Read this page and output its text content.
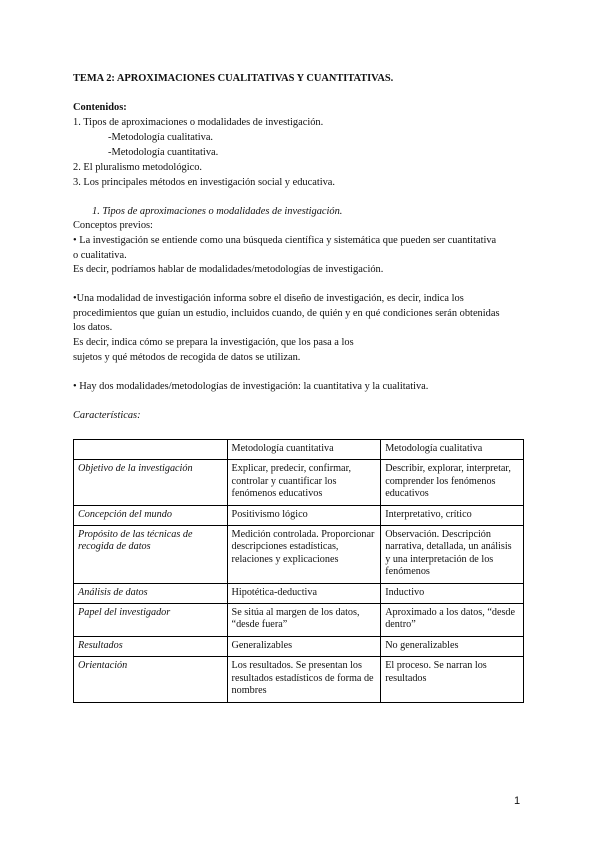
TEMA 2: APROXIMACIONES CUALITATIVAS Y CUANTITATIVAS.
Contenidos:
1. Tipos de aproximaciones o modalidades de investigación.
-Metodología cualitativa.
-Metodología cuantitativa.
2. El pluralismo metodológico.
3. Los principales métodos en investigación social y educativa.
1. Tipos de aproximaciones o modalidades de investigación.
Conceptos previos:
• La investigación se entiende como una búsqueda científica y sistemática que pueden ser cuantitativa
o cualitativa.
Es decir, podríamos hablar de modalidades/metodologías de investigación.
•Una modalidad de investigación informa sobre el diseño de investigación, es decir, indica los
procedimientos que guían un estudio, incluidos cuando, de quién y en qué condiciones serán obtenidas
los datos.
Es decir, indica cómo se prepara la investigación, que los pasa a los
sujetos y qué métodos de recogida de datos se utilizan.
• Hay dos modalidades/metodologías de investigación: la cuantitativa y la cualitativa.
Características:
	Metodología cuantitativa	Metodología cualitativa
Objetivo de la investigación	Explicar, predecir, confirmar, controlar y cuantificar los fenómenos educativos	Describir, explorar, interpretar, comprender los fenómenos educativos
Concepción del mundo	Positivismo lógico	Interpretativo, crítico
Propósito de las técnicas de recogida de datos	Medición controlada. Proporcionar descripciones estadísticas, relaciones y explicaciones	Observación. Descripción narrativa, detallada, un análisis y una interpretación de los fenómenos
Análisis de datos	Hipotética-deductiva	Inductivo
Papel del investigador	Se sitúa al margen de los datos, “desde fuera”	Aproximado a los datos, “desde dentro”
Resultados	Generalizables	No generalizables
Orientación	Los resultados. Se presentan los resultados estadísticos de forma de nombres	El proceso. Se narran los resultados
1
